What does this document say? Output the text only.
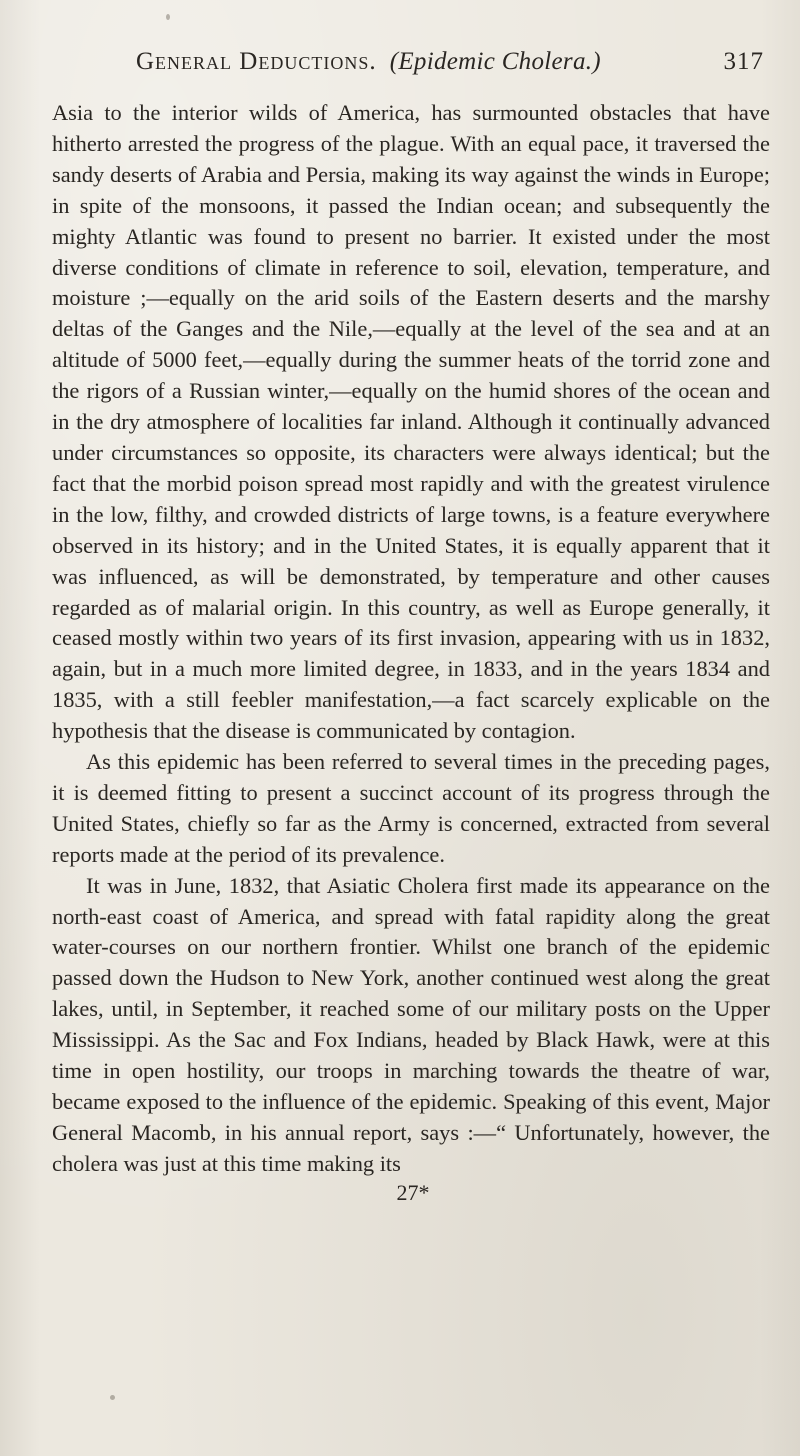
General Deductions. (Epidemic Cholera.)	317

Asia to the interior wilds of America, has surmounted obstacles that have hitherto arrested the progress of the plague. With an equal pace, it traversed the sandy deserts of Arabia and Persia, making its way against the winds in Europe; in spite of the monsoons, it passed the Indian ocean; and subsequently the mighty Atlantic was found to present no barrier. It existed under the most diverse conditions of climate in reference to soil, elevation, temperature, and moisture ;—equally on the arid soils of the Eastern deserts and the marshy deltas of the Ganges and the Nile,—equally at the level of the sea and at an altitude of 5000 feet,—equally during the summer heats of the torrid zone and the rigors of a Russian winter,—equally on the humid shores of the ocean and in the dry atmosphere of localities far inland. Although it continually advanced under circumstances so opposite, its characters were always identical; but the fact that the morbid poison spread most rapidly and with the greatest virulence in the low, filthy, and crowded districts of large towns, is a feature everywhere observed in its history; and in the United States, it is equally apparent that it was influenced, as will be demonstrated, by temperature and other causes regarded as of malarial origin. In this country, as well as Europe generally, it ceased mostly within two years of its first invasion, appearing with us in 1832, again, but in a much more limited degree, in 1833, and in the years 1834 and 1835, with a still feebler manifestation,—a fact scarcely explicable on the hypothesis that the disease is communicated by contagion.

As this epidemic has been referred to several times in the preceding pages, it is deemed fitting to present a succinct account of its progress through the United States, chiefly so far as the Army is concerned, extracted from several reports made at the period of its prevalence.

It was in June, 1832, that Asiatic Cholera first made its appearance on the north-east coast of America, and spread with fatal rapidity along the great water-courses on our northern frontier. Whilst one branch of the epidemic passed down the Hudson to New York, another continued west along the great lakes, until, in September, it reached some of our military posts on the Upper Mississippi. As the Sac and Fox Indians, headed by Black Hawk, were at this time in open hostility, our troops in marching towards the theatre of war, became exposed to the influence of the epidemic. Speaking of this event, Major General Macomb, in his annual report, says :—“ Unfortunately, however, the cholera was just at this time making its

27*
